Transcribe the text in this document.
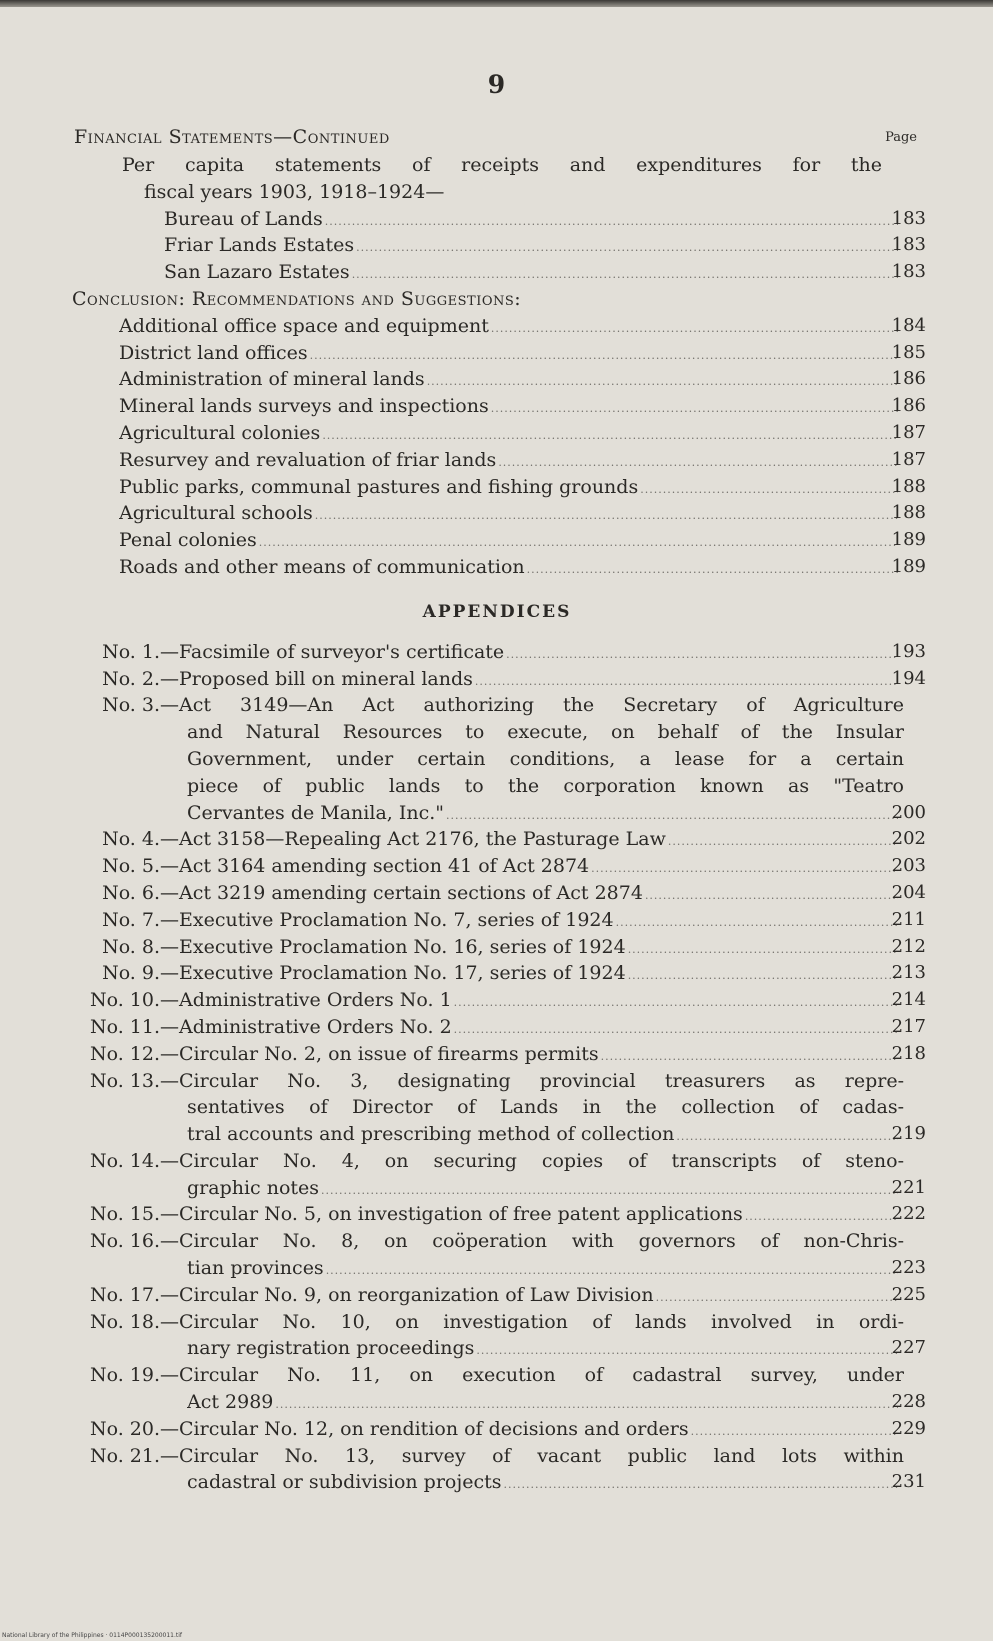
9
Financial Statements—Continued	Page
Per capita statements of receipts and expenditures for the
fiscal years 1903, 1918–1924—
Bureau of Lands .....	183
Friar Lands Estates .....	183
San Lazaro Estates .....	183
Conclusion: Recommendations and Suggestions:
Additional office space and equipment .....	184
District land offices .....	185
Administration of mineral lands .....	186
Mineral lands surveys and inspections .....	186
Agricultural colonies .....	187
Resurvey and revaluation of friar lands .....	187
Public parks, communal pastures and fishing grounds .....	188
Agricultural schools .....	188
Penal colonies .....	189
Roads and other means of communication .....	189
APPENDICES
No. 1. —Facsimile of surveyor's certificate .....	193
No. 2. —Proposed bill on mineral lands .....	194
No. 3. —Act 3149—An Act authorizing the Secretary of Agriculture
and Natural Resources to execute, on behalf of the Insular
Government, under certain conditions, a lease for a certain
piece of public lands to the corporation known as "Teatro
Cervantes de Manila, Inc." .....	200
No. 4. —Act 3158—Repealing Act 2176, the Pasturage Law .....	202
No. 5. —Act 3164 amending section 41 of Act 2874 .....	203
No. 6. —Act 3219 amending certain sections of Act 2874 .....	204
No. 7. —Executive Proclamation No. 7, series of 1924 .....	211
No. 8. —Executive Proclamation No. 16, series of 1924 .....	212
No. 9. —Executive Proclamation No. 17, series of 1924 .....	213
No. 10. —Administrative Orders No. 1 .....	214
No. 11. —Administrative Orders No. 2 .....	217
No. 12. —Circular No. 2, on issue of firearms permits .....	218
No. 13. —Circular No. 3, designating provincial treasurers as repre-
sentatives of Director of Lands in the collection of cadas-
tral accounts and prescribing method of collection .....	219
No. 14. —Circular No. 4, on securing copies of transcripts of steno-
graphic notes .....	221
No. 15. —Circular No. 5, on investigation of free patent applications .....	222
No. 16. —Circular No. 8, on coöperation with governors of non-Chris-
tian provinces .....	223
No. 17. —Circular No. 9, on reorganization of Law Division .....	225
No. 18. —Circular No. 10, on investigation of lands involved in ordi-
nary registration proceedings .....	227
No. 19. —Circular No. 11, on execution of cadastral survey, under
Act 2989 .....	228
No. 20. —Circular No. 12, on rendition of decisions and orders .....	229
No. 21. —Circular No. 13, survey of vacant public land lots within
cadastral or subdivision projects .....	231
National Library of the Philippines · 0114P000135200011.tif
